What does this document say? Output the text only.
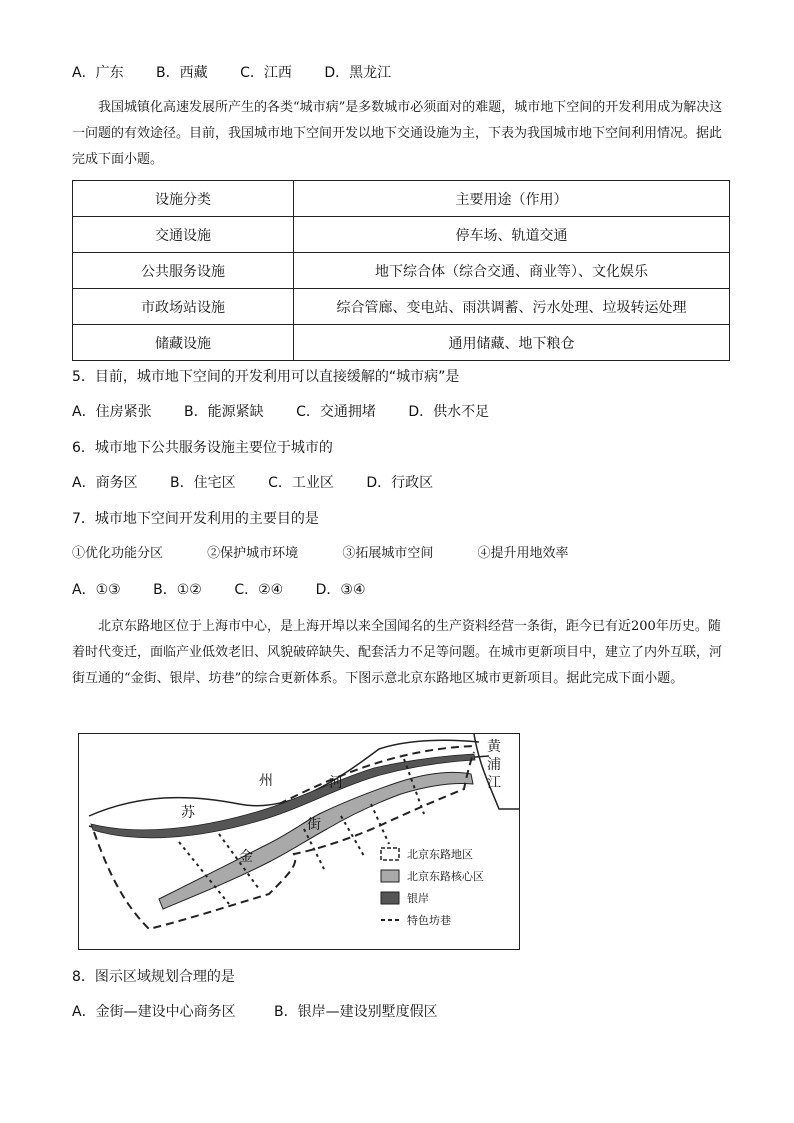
A．广东 B．西藏 C．江西 D．黑龙江
我国城镇化高速发展所产生的各类“城市病”是多数城市必须面对的难题，城市地下空间的开发利用成为解决这一问题的有效途径。目前，我国城市地下空间开发以地下交通设施为主，下表为我国城市地下空间利用情况。据此完成下面小题。
设施分类	主要用途（作用）
交通设施	停车场、轨道交通
公共服务设施	地下综合体（综合交通、商业等）、文化娱乐
市政场站设施	综合管廊、变电站、雨洪调蓄、污水处理、垃圾转运处理
储藏设施	通用储藏、地下粮仓
5．目前，城市地下空间的开发利用可以直接缓解的“城市病”是
A．住房紧张 B．能源紧缺 C．交通拥堵 D．供水不足
6．城市地下公共服务设施主要位于城市的
A．商务区 B．住宅区 C．工业区 D．行政区
7．城市地下空间开发利用的主要目的是
①优化功能分区	②保护城市环境	③拓展城市空间	④提升用地效率
A．①③ B．①② C．②④ D．③④
北京东路地区位于上海市中心，是上海开埠以来全国闻名的生产资料经营一条街，距今已有近200年历史。随着时代变迁，面临产业低效老旧、风貌破碎缺失、配套活力不足等问题。在城市更新项目中，建立了内外互联，河街互通的“金街、银岸、坊巷”的综合更新体系。下图示意北京东路地区城市更新项目。据此完成下面小题。
黄浦江
苏
州	河
街
金	北京东路地区
北京东路核心区
银岸
特色坊巷
8．图示区域规划合理的是
A．金街—建设中心商务区	B．银岸—建设别墅度假区
